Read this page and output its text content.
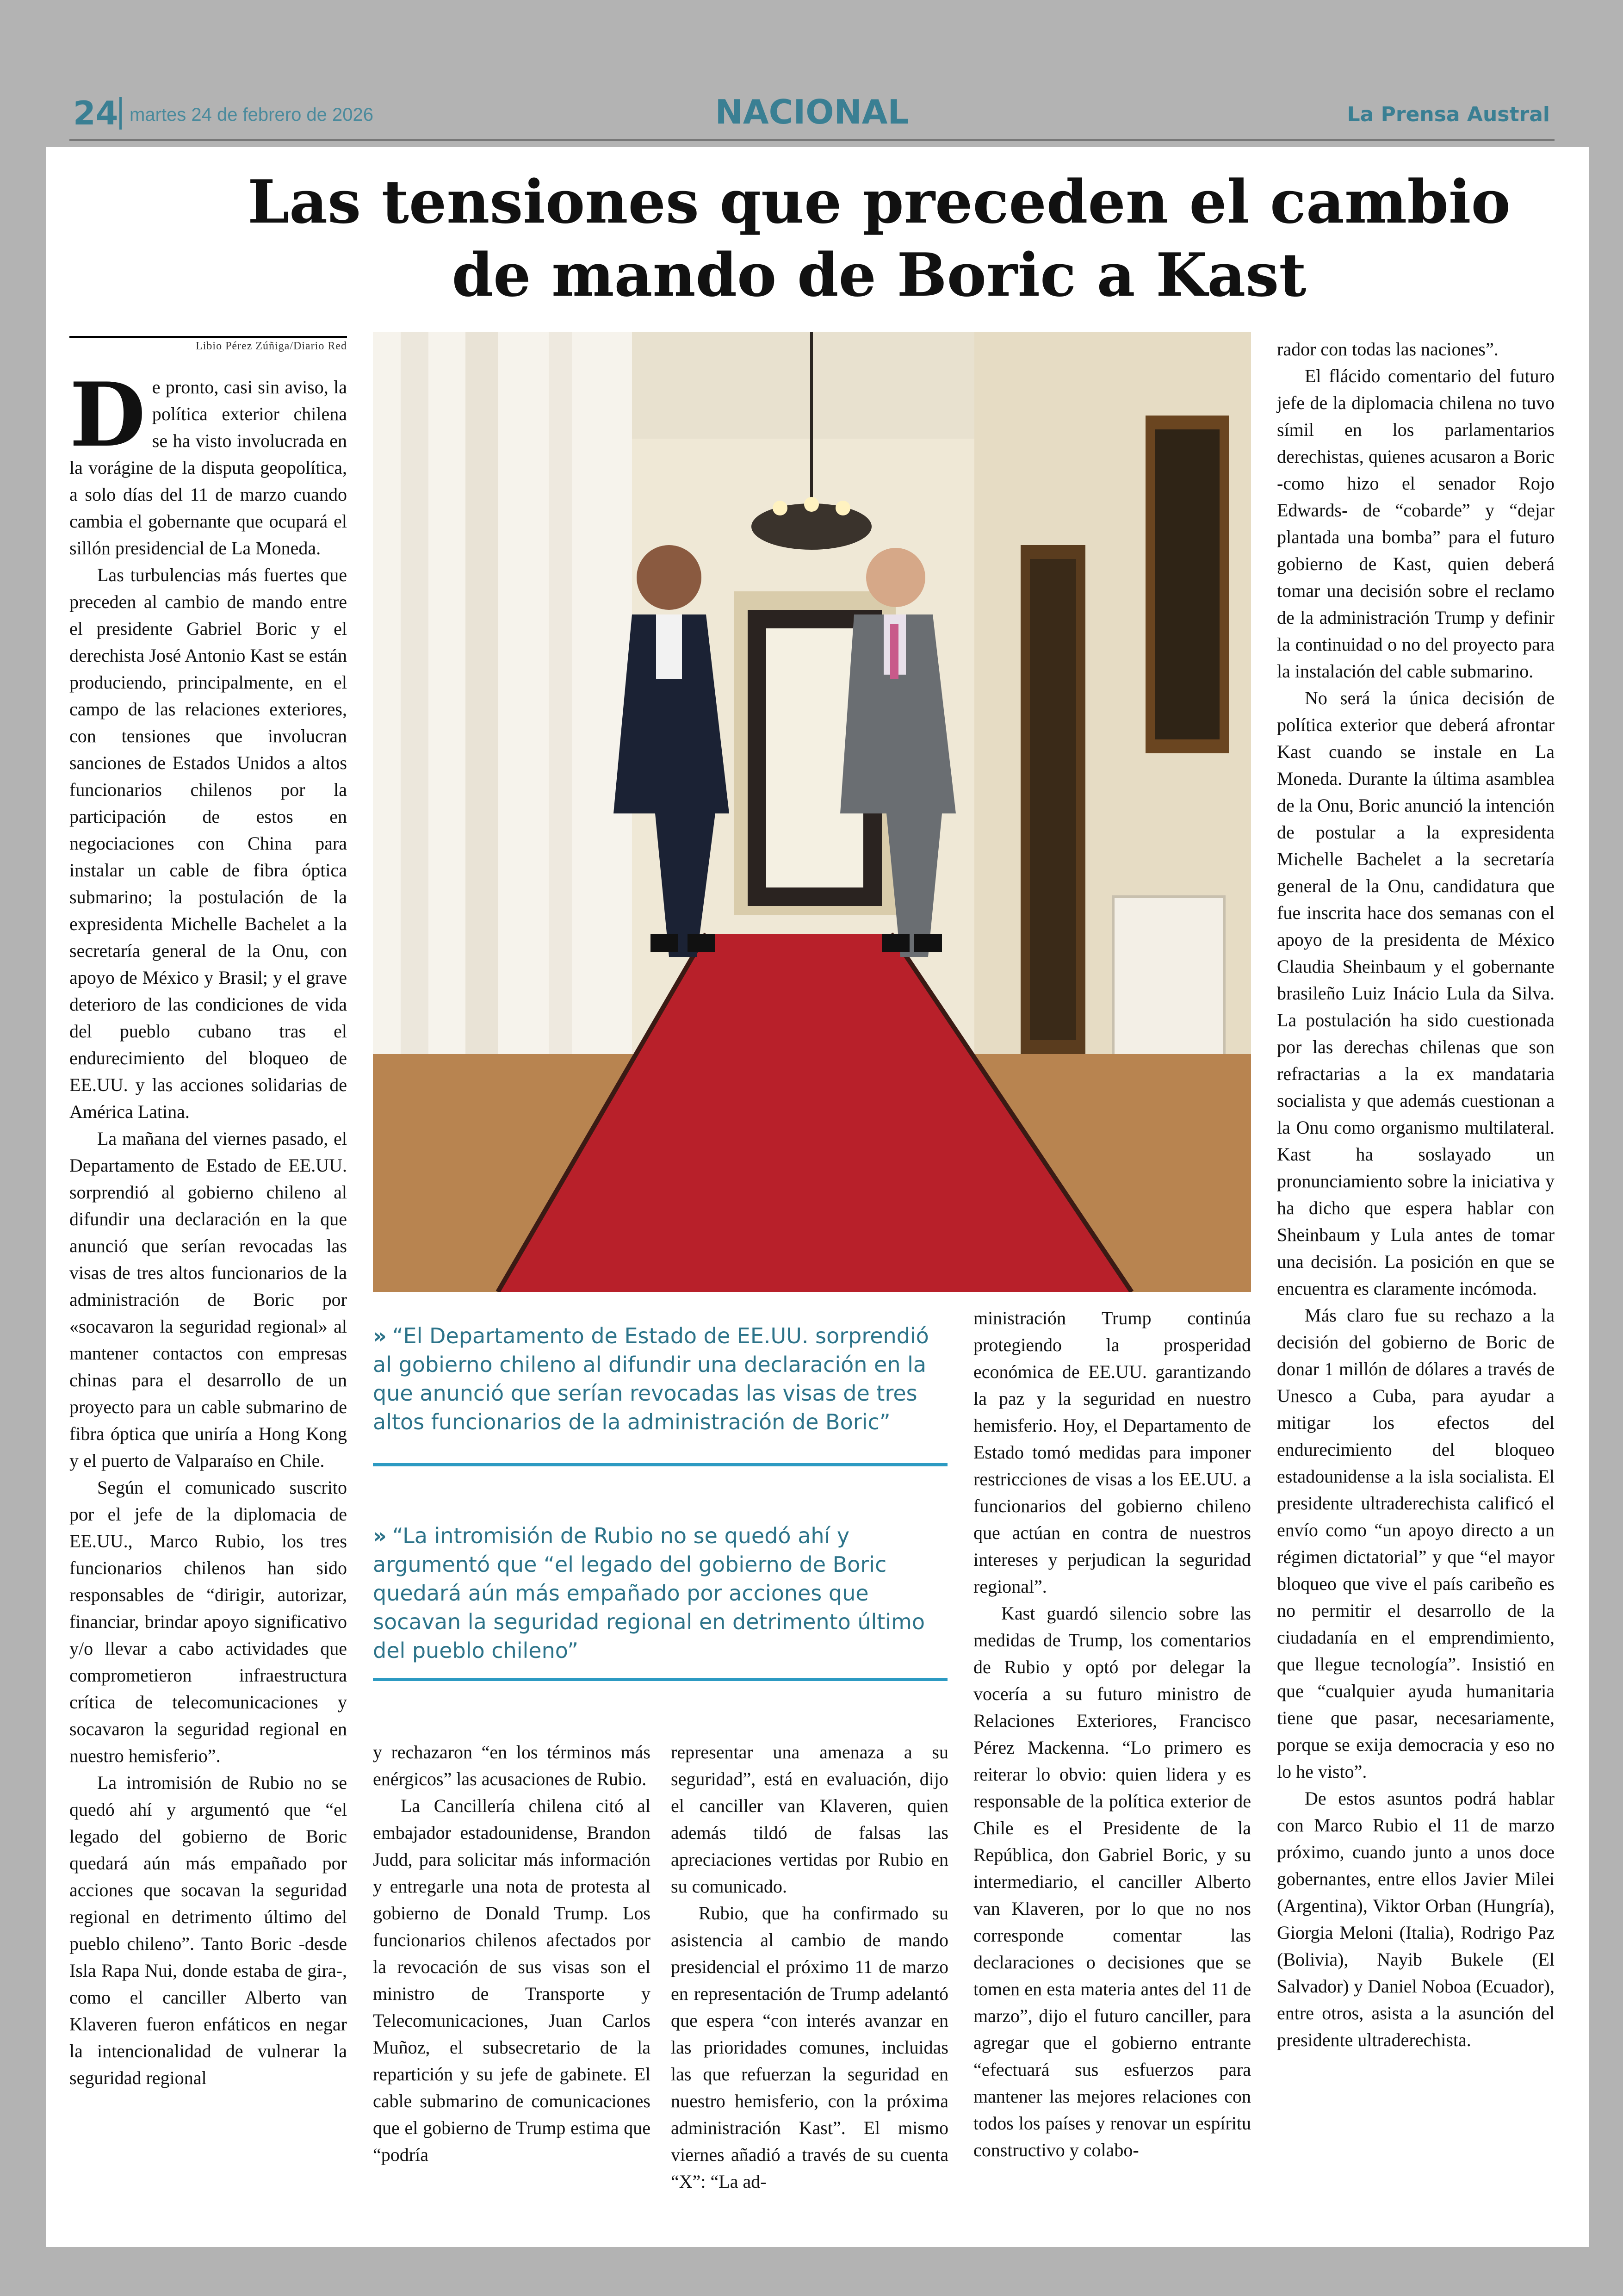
24 martes 24 de febrero de 2026	NACIONAL	La Prensa Austral
Las tensiones que preceden el cambio de mando de Boric a Kast
Libio Pérez Zúñiga/Diario Red
D e pronto, casi sin aviso, la política exterior chilena se ha visto involucrada en la vorágine de la disputa geopolítica, a solo días del 11 de marzo cuando cambia el gobernante que ocupará el sillón presidencial de La Moneda.

Las turbulencias más fuertes que preceden al cambio de mando entre el presidente Gabriel Boric y el derechista José Antonio Kast se están produciendo, principalmente, en el campo de las relaciones exteriores, con tensiones que involucran sanciones de Estados Unidos a altos funcionarios chilenos por la participación de estos en negociaciones con China para instalar un cable de fibra óptica submarino; la postulación de la expresidenta Michelle Bachelet a la secretaría general de la Onu, con apoyo de México y Brasil; y el grave deterioro de las condiciones de vida del pueblo cubano tras el endurecimiento del bloqueo de EE.UU. y las acciones solidarias de América Latina.

La mañana del viernes pasado, el Departamento de Estado de EE.UU. sorprendió al gobierno chileno al difundir una declaración en la que anunció que serían revocadas las visas de tres altos funcionarios de la administración de Boric por «socavaron la seguridad regional» al mantener contactos con empresas chinas para el desarrollo de un proyecto para un cable submarino de fibra óptica que uniría a Hong Kong y el puerto de Valparaíso en Chile.

Según el comunicado suscrito por el jefe de la diplomacia de EE.UU., Marco Rubio, los tres funcionarios chilenos han sido responsables de “dirigir, autorizar, financiar, brindar apoyo significativo y/o llevar a cabo actividades que comprometieron infraestructura crítica de telecomunicaciones y socavaron la seguridad regional en nuestro hemisferio”.

La intromisión de Rubio no se quedó ahí y argumentó que “el legado del gobierno de Boric quedará aún más empañado por acciones que socavan la seguridad regional en detrimento último del pueblo chileno”. Tanto Boric -desde Isla Rapa Nui, donde estaba de gira-, como el canciller Alberto van Klaveren fueron enfáticos en negar la intencionalidad de vulnerar la seguridad regional

» “El Departamento de Estado de EE.UU. sorprendió al gobierno chileno al difundir una declaración en la que anunció que serían revocadas las visas de tres altos funcionarios de la administración de Boric”
» “La intromisión de Rubio no se quedó ahí y argumentó que “el legado del gobierno de Boric quedará aún más empañado por acciones que socavan la seguridad regional en detrimento último del pueblo chileno”

y rechazaron “en los términos más enérgicos” las acusaciones de Rubio.

La Cancillería chilena citó al embajador estadounidense, Brandon Judd, para solicitar más información y entregarle una nota de protesta al gobierno de Donald Trump. Los funcionarios chilenos afectados por la revocación de sus visas son el ministro de Transporte y Telecomunicaciones, Juan Carlos Muñoz, el subsecretario de la repartición y su jefe de gabinete. El cable submarino de comunicaciones que el gobierno de Trump estima que “podría

representar una amenaza a su seguridad”, está en evaluación, dijo el canciller van Klaveren, quien además tildó de falsas las apreciaciones vertidas por Rubio en su comunicado.

Rubio, que ha confirmado su asistencia al cambio de mando presidencial el próximo 11 de marzo en representación de Trump adelantó que espera “con interés avanzar en las prioridades comunes, incluidas las que refuerzan la seguridad en nuestro hemisferio, con la próxima administración Kast”. El mismo viernes añadió a través de su cuenta “X”: “La ad-

ministración Trump continúa protegiendo la prosperidad económica de EE.UU. garantizando la paz y la seguridad en nuestro hemisferio. Hoy, el Departamento de Estado tomó medidas para imponer restricciones de visas a los EE.UU. a funcionarios del gobierno chileno que actúan en contra de nuestros intereses y perjudican la seguridad regional”.

Kast guardó silencio sobre las medidas de Trump, los comentarios de Rubio y optó por delegar la vocería a su futuro ministro de Relaciones Exteriores, Francisco Pérez Mackenna. “Lo primero es reiterar lo obvio: quien lidera y es responsable de la política exterior de Chile es el Presidente de la República, don Gabriel Boric, y su intermediario, el canciller Alberto van Klaveren, por lo que no nos corresponde comentar las declaraciones o decisiones que se tomen en esta materia antes del 11 de marzo”, dijo el futuro canciller, para agregar que el gobierno entrante “efectuará sus esfuerzos para mantener las mejores relaciones con todos los países y renovar un espíritu constructivo y colabo-

rador con todas las naciones”.

El flácido comentario del futuro jefe de la diplomacia chilena no tuvo símil en los parlamentarios derechistas, quienes acusaron a Boric -como hizo el senador Rojo Edwards- de “cobarde” y “dejar plantada una bomba” para el futuro gobierno de Kast, quien deberá tomar una decisión sobre el reclamo de la administración Trump y definir la continuidad o no del proyecto para la instalación del cable submarino.

No será la única decisión de política exterior que deberá afrontar Kast cuando se instale en La Moneda. Durante la última asamblea de la Onu, Boric anunció la intención de postular a la expresidenta Michelle Bachelet a la secretaría general de la Onu, candidatura que fue inscrita hace dos semanas con el apoyo de la presidenta de México Claudia Sheinbaum y el gobernante brasileño Luiz Inácio Lula da Silva. La postulación ha sido cuestionada por las derechas chilenas que son refractarias a la ex mandataria socialista y que además cuestionan a la Onu como organismo multilateral. Kast ha soslayado un pronunciamiento sobre la iniciativa y ha dicho que espera hablar con Sheinbaum y Lula antes de tomar una decisión. La posición en que se encuentra es claramente incómoda.

Más claro fue su rechazo a la decisión del gobierno de Boric de donar 1 millón de dólares a través de Unesco a Cuba, para ayudar a mitigar los efectos del endurecimiento del bloqueo estadounidense a la isla socialista. El presidente ultraderechista calificó el envío como “un apoyo directo a un régimen dictatorial” y que “el mayor bloqueo que vive el país caribeño es no permitir el desarrollo de la ciudadanía en el emprendimiento, que llegue tecnología”. Insistió en que “cualquier ayuda humanitaria tiene que pasar, necesariamente, porque se exija democracia y eso no lo he visto”.

De estos asuntos podrá hablar con Marco Rubio el 11 de marzo próximo, cuando junto a unos doce gobernantes, entre ellos Javier Milei (Argentina), Viktor Orban (Hungría), Giorgia Meloni (Italia), Rodrigo Paz (Bolivia), Nayib Bukele (El Salvador) y Daniel Noboa (Ecuador), entre otros, asista a la asunción del presidente ultraderechista.
